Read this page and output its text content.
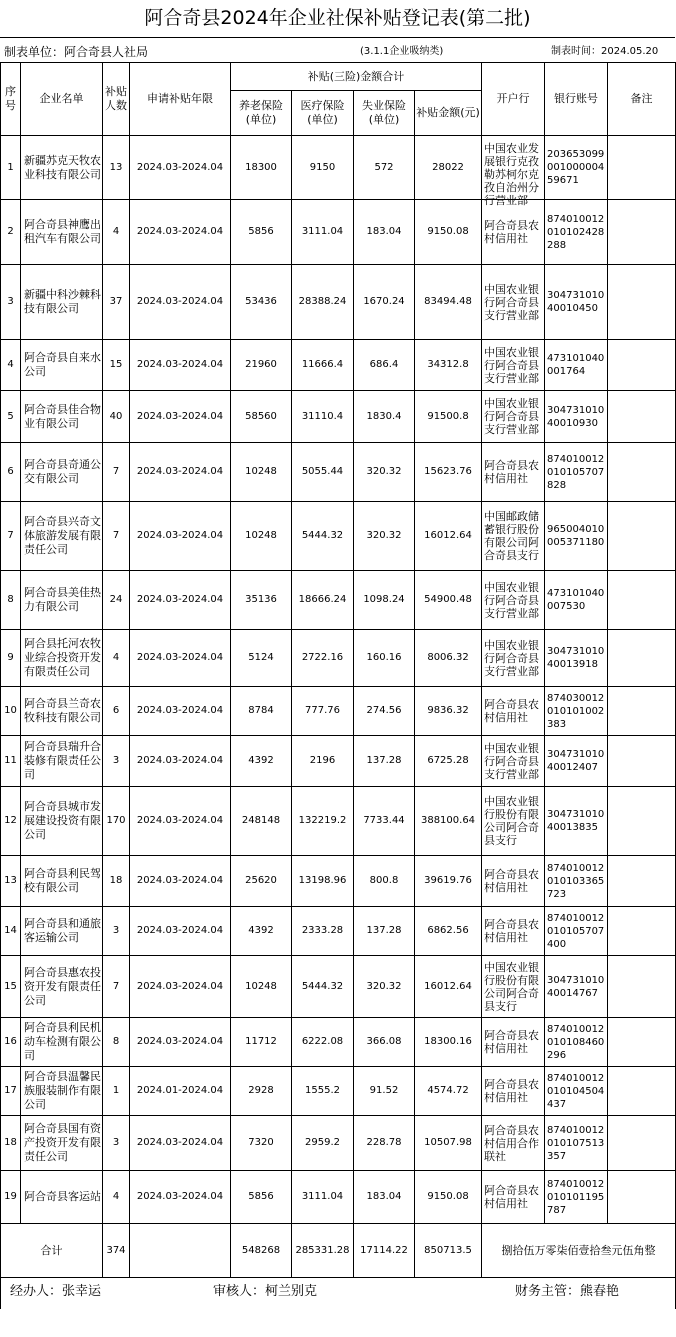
阿合奇县2024年企业社保补贴登记表(第二批)
制表单位：阿合奇县人社局	(3.1.1企业吸纳类)	制表时间：2024.05.20
序号	企业名单	补贴人数	申请补贴年限	补贴(三险)金额合计				开户行	银行账号	备注
				养老保险(单位)	医疗保险(单位)	失业保险(单位)	补贴金额(元)			
1	新疆苏克天牧农业科技有限公司	13	2024.03-2024.04	18300	9150	572	28022	中国农业发展银行克孜勒苏柯尔克孜自治州分行营业部	20365309900100000459671	

2	阿合奇县神鹰出租汽车有限公司	4	2024.03-2024.04	5856	3111.04	183.04	9150.08	阿合奇县农村信用社	874010012010102428288	

3	新疆中科沙棘科技有限公司	37	2024.03-2024.04	53436	28388.24	1670.24	83494.48	中国农业银行阿合奇县支行营业部	30473101040010450	

4	阿合奇县自来水公司	15	2024.03-2024.04	21960	11666.4	686.4	34312.8	中国农业银行阿合奇县支行营业部	473101040001764	

5	阿合奇县佳合物业有限公司	40	2024.03-2024.04	58560	31110.4	1830.4	91500.8	中国农业银行阿合奇县支行营业部	30473101040010930	

6	阿合奇县奇通公交有限公司	7	2024.03-2024.04	10248	5055.44	320.32	15623.76	阿合奇县农村信用社	874010012010105707828	

7	阿合奇县兴奇文体旅游发展有限责任公司	7	2024.03-2024.04	10248	5444.32	320.32	16012.64	中国邮政储蓄银行股份有限公司阿合奇县支行	965004010005371180	

8	阿合奇县美佳热力有限公司	24	2024.03-2024.04	35136	18666.24	1098.24	54900.48	中国农业银行阿合奇县支行营业部	473101040007530	

9	阿合县托河农牧业综合投资开发有限责任公司	4	2024.03-2024.04	5124	2722.16	160.16	8006.32	中国农业银行阿合奇县支行营业部	30473101040013918	

10	阿合奇县兰奇农牧科技有限公司	6	2024.03-2024.04	8784	777.76	274.56	9836.32	阿合奇县农村信用社	874030012010101002383	

11	阿合奇县瑞升合装修有限责任公司	3	2024.03-2024.04	4392	2196	137.28	6725.28	中国农业银行阿合奇县支行营业部	30473101040012407	

12	阿合奇县城市发展建设投资有限公司	170	2024.03-2024.04	248148	132219.2	7733.44	388100.64	中国农业银行股份有限公司阿合奇县支行	30473101040013835	

13	阿合奇县利民驾校有限公司	18	2024.03-2024.04	25620	13198.96	800.8	39619.76	阿合奇县农村信用社	874010012010103365723	

14	阿合奇县和通旅客运输公司	3	2024.03-2024.04	4392	2333.28	137.28	6862.56	阿合奇县农村信用社	874010012010105707400	

15	阿合奇县惠农投资开发有限责任公司	7	2024.03-2024.04	10248	5444.32	320.32	16012.64	中国农业银行股份有限公司阿合奇县支行	30473101040014767	

16	阿合奇县利民机动车检测有限公司	8	2024.03-2024.04	11712	6222.08	366.08	18300.16	阿合奇县农村信用社	874010012010108460296	

17	阿合奇县温馨民族服装制作有限公司	1	2024.01-2024.04	2928	1555.2	91.52	4574.72	阿合奇县农村信用社	874010012010104504437	

18	阿合奇县国有资产投资开发有限责任公司	3	2024.03-2024.04	7320	2959.2	228.78	10507.98	阿合奇县农村信用合作联社	874010012010107513357	

19	阿合奇县客运站	4	2024.03-2024.04	5856	3111.04	183.04	9150.08	阿合奇县农村信用社	874010012010101195787	

合计		374		548268	285331.28	17114.22	850713.5	捌拾伍万零柒佰壹拾叁元伍角整		

经办人：张幸运	审核人：柯兰别克	财务主管：熊春艳
